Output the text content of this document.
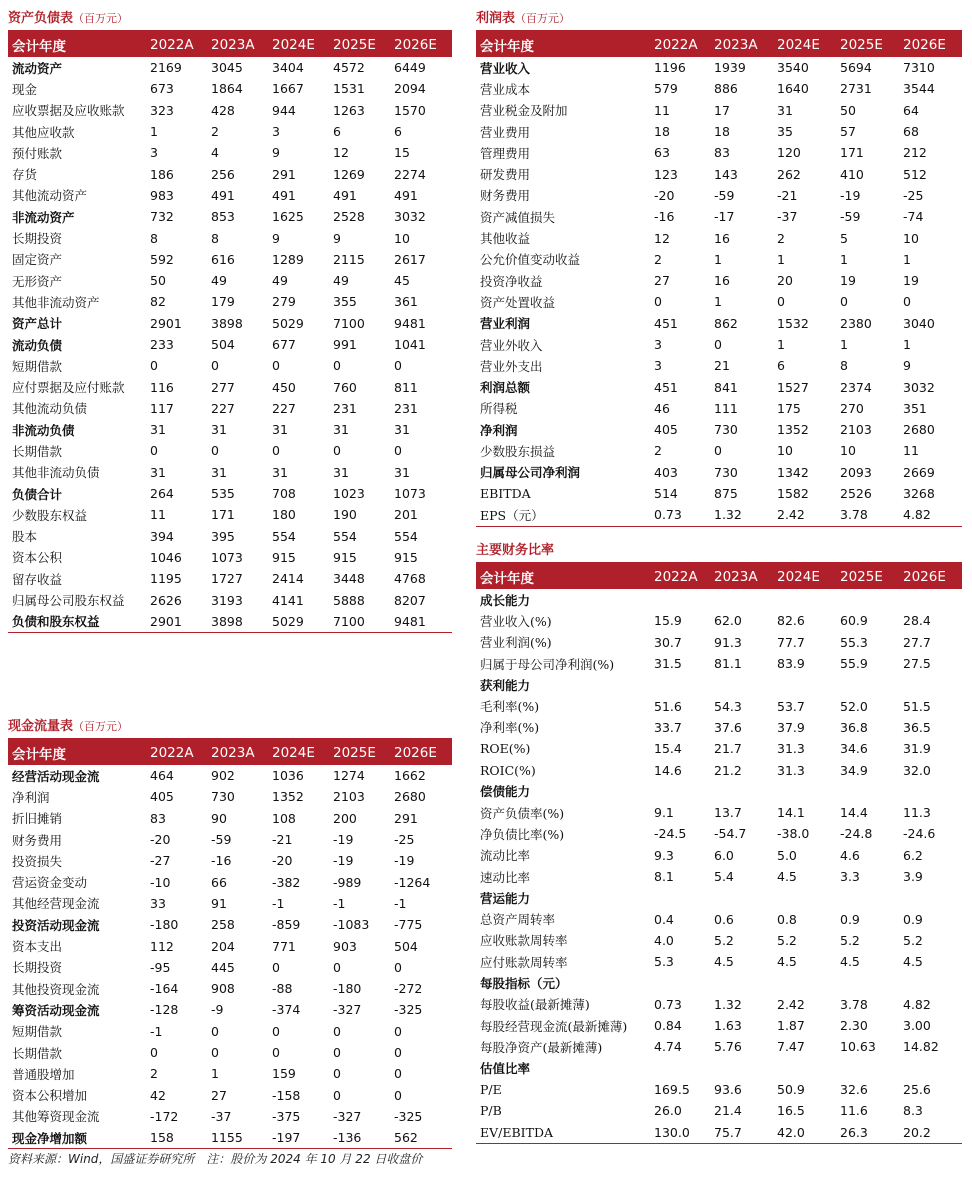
资产负债表（百万元）
会计年度	2022A	2023A	2024E	2025E	2026E
流动资产	2169	3045	3404	4572	6449
现金	673	1864	1667	1531	2094
应收票据及应收账款	323	428	944	1263	1570
其他应收款	1	2	3	6	6
预付账款	3	4	9	12	15
存货	186	256	291	1269	2274
其他流动资产	983	491	491	491	491
非流动资产	732	853	1625	2528	3032
长期投资	8	8	9	9	10
固定资产	592	616	1289	2115	2617
无形资产	50	49	49	49	45
其他非流动资产	82	179	279	355	361
资产总计	2901	3898	5029	7100	9481
流动负债	233	504	677	991	1041
短期借款	0	0	0	0	0
应付票据及应付账款	116	277	450	760	811
其他流动负债	117	227	227	231	231
非流动负债	31	31	31	31	31
长期借款	0	0	0	0	0
其他非流动负债	31	31	31	31	31
负债合计	264	535	708	1023	1073
少数股东权益	11	171	180	190	201
股本	394	395	554	554	554
资本公积	1046	1073	915	915	915
留存收益	1195	1727	2414	3448	4768
归属母公司股东权益	2626	3193	4141	5888	8207
负债和股东权益	2901	3898	5029	7100	9481
利润表（百万元）
会计年度	2022A	2023A	2024E	2025E	2026E
营业收入	1196	1939	3540	5694	7310
营业成本	579	886	1640	2731	3544
营业税金及附加	11	17	31	50	64
营业费用	18	18	35	57	68
管理费用	63	83	120	171	212
研发费用	123	143	262	410	512
财务费用	-20	-59	-21	-19	-25
资产减值损失	-16	-17	-37	-59	-74
其他收益	12	16	2	5	10
公允价值变动收益	2	1	1	1	1
投资净收益	27	16	20	19	19
资产处置收益	0	1	0	0	0
营业利润	451	862	1532	2380	3040
营业外收入	3	0	1	1	1
营业外支出	3	21	6	8	9
利润总额	451	841	1527	2374	3032
所得税	46	111	175	270	351
净利润	405	730	1352	2103	2680
少数股东损益	2	0	10	10	11
归属母公司净利润	403	730	1342	2093	2669
EBITDA	514	875	1582	2526	3268
EPS（元）	0.73	1.32	2.42	3.78	4.82
现金流量表（百万元）
会计年度	2022A	2023A	2024E	2025E	2026E
经营活动现金流	464	902	1036	1274	1662
净利润	405	730	1352	2103	2680
折旧摊销	83	90	108	200	291
财务费用	-20	-59	-21	-19	-25
投资损失	-27	-16	-20	-19	-19
营运资金变动	-10	66	-382	-989	-1264
其他经营现金流	33	91	-1	-1	-1
投资活动现金流	-180	258	-859	-1083	-775
资本支出	112	204	771	903	504
长期投资	-95	445	0	0	0
其他投资现金流	-164	908	-88	-180	-272
筹资活动现金流	-128	-9	-374	-327	-325
短期借款	-1	0	0	0	0
长期借款	0	0	0	0	0
普通股增加	2	1	159	0	0
资本公积增加	42	27	-158	0	0
其他筹资现金流	-172	-37	-375	-327	-325
现金净增加额	158	1155	-197	-136	562
主要财务比率
会计年度	2022A	2023A	2024E	2025E	2026E
成长能力					
营业收入(%)	15.9	62.0	82.6	60.9	28.4
营业利润(%)	30.7	91.3	77.7	55.3	27.7
归属于母公司净利润(%)	31.5	81.1	83.9	55.9	27.5
获利能力					
毛利率(%)	51.6	54.3	53.7	52.0	51.5
净利率(%)	33.7	37.6	37.9	36.8	36.5
ROE(%)	15.4	21.7	31.3	34.6	31.9
ROIC(%)	14.6	21.2	31.3	34.9	32.0
偿债能力					
资产负债率(%)	9.1	13.7	14.1	14.4	11.3
净负债比率(%)	-24.5	-54.7	-38.0	-24.8	-24.6
流动比率	9.3	6.0	5.0	4.6	6.2
速动比率	8.1	5.4	4.5	3.3	3.9
营运能力					
总资产周转率	0.4	0.6	0.8	0.9	0.9
应收账款周转率	4.0	5.2	5.2	5.2	5.2
应付账款周转率	5.3	4.5	4.5	4.5	4.5
每股指标（元）					
每股收益(最新摊薄)	0.73	1.32	2.42	3.78	4.82
每股经营现金流(最新摊薄)	0.84	1.63	1.87	2.30	3.00
每股净资产(最新摊薄)	4.74	5.76	7.47	10.63	14.82
估值比率					
P/E	169.5	93.6	50.9	32.6	25.6
P/B	26.0	21.4	16.5	11.6	8.3
EV/EBITDA	130.0	75.7	42.0	26.3	20.2
资料来源：Wind，国盛证券研究所　注：股价为 2024 年 10 月 22 日收盘价
